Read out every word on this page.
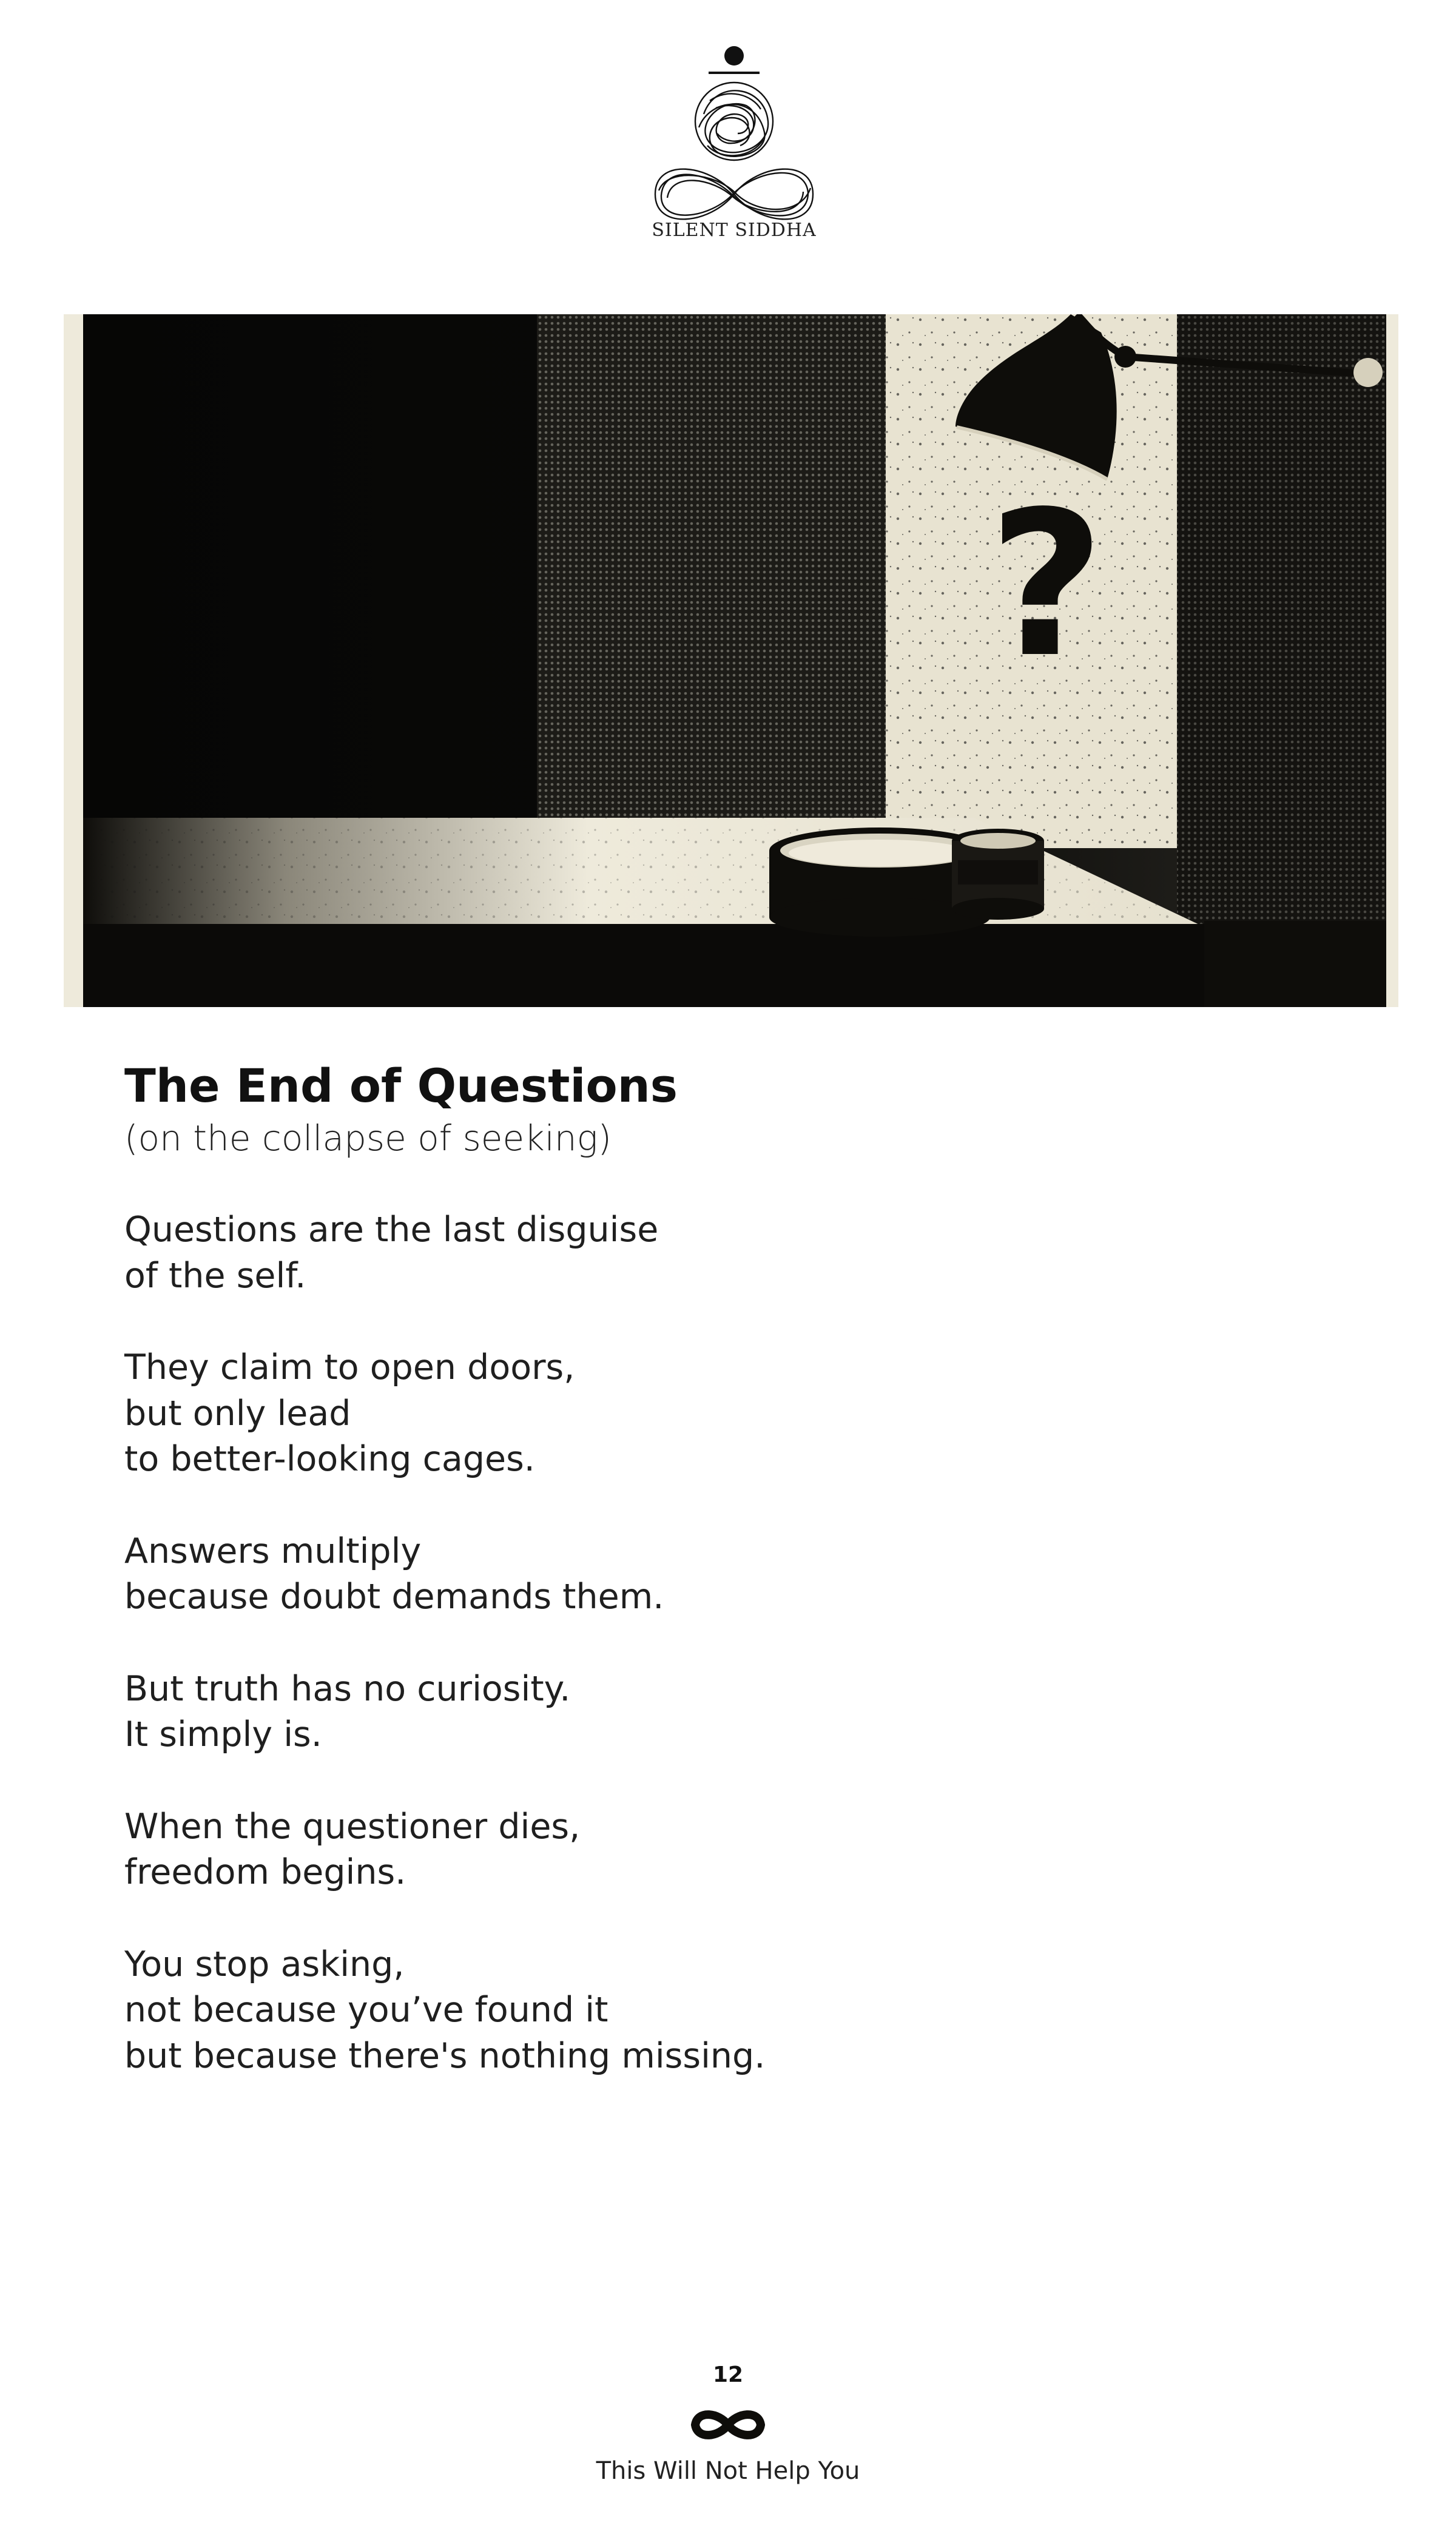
SILENT SIDDHA
?
The End of Questions
(on the collapse of seeking)
Questions are the last disguise
of the self.
They claim to open doors,
but only lead
to better-looking cages.
Answers multiply
because doubt demands them.
But truth has no curiosity.
It simply is.
When the questioner dies,
freedom begins.
You stop asking,
not because you’ve found it
but because there's nothing missing.
12
This Will Not Help You
